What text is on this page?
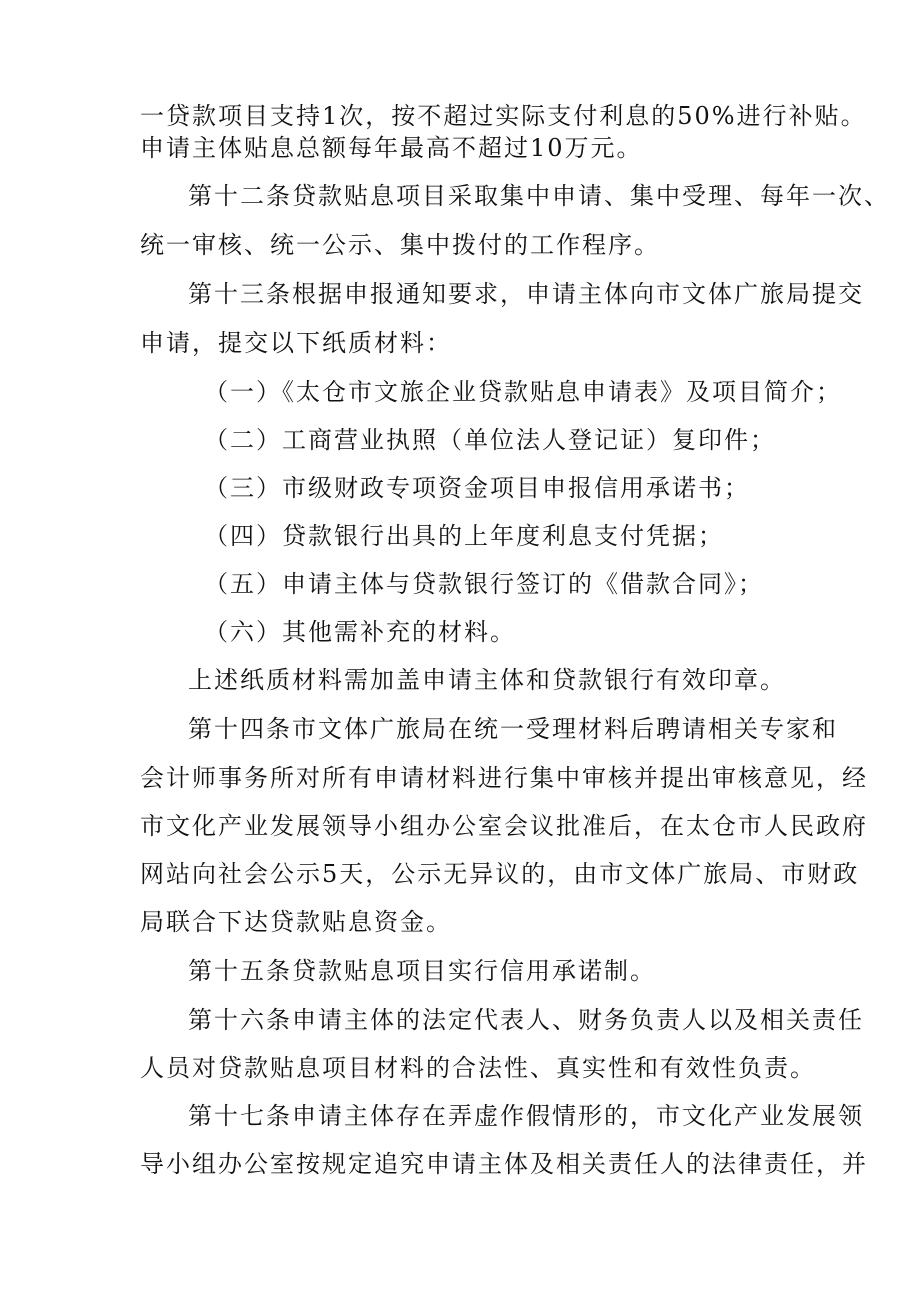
一贷款项目支持1次，按不超过实际支付利息的50%进行补贴。
申请主体贴息总额每年最高不超过10万元。
第十二条贷款贴息项目采取集中申请、集中受理、每年一次、
统一审核、统一公示、集中拨付的工作程序。
第十三条根据申报通知要求，申请主体向市文体广旅局提交
申请，提交以下纸质材料：
（一）《太仓市文旅企业贷款贴息申请表》及项目简介；
（二）工商营业执照（单位法人登记证）复印件；
（三）市级财政专项资金项目申报信用承诺书；
（四）贷款银行出具的上年度利息支付凭据；
（五）申请主体与贷款银行签订的《借款合同》；
（六）其他需补充的材料。
上述纸质材料需加盖申请主体和贷款银行有效印章。
第十四条市文体广旅局在统一受理材料后聘请相关专家和
会计师事务所对所有申请材料进行集中审核并提出审核意见，经
市文化产业发展领导小组办公室会议批准后，在太仓市人民政府
网站向社会公示5天，公示无异议的，由市文体广旅局、市财政
局联合下达贷款贴息资金。
第十五条贷款贴息项目实行信用承诺制。
第十六条申请主体的法定代表人、财务负责人以及相关责任
人员对贷款贴息项目材料的合法性、真实性和有效性负责。
第十七条申请主体存在弄虚作假情形的，市文化产业发展领
导小组办公室按规定追究申请主体及相关责任人的法律责任，并
